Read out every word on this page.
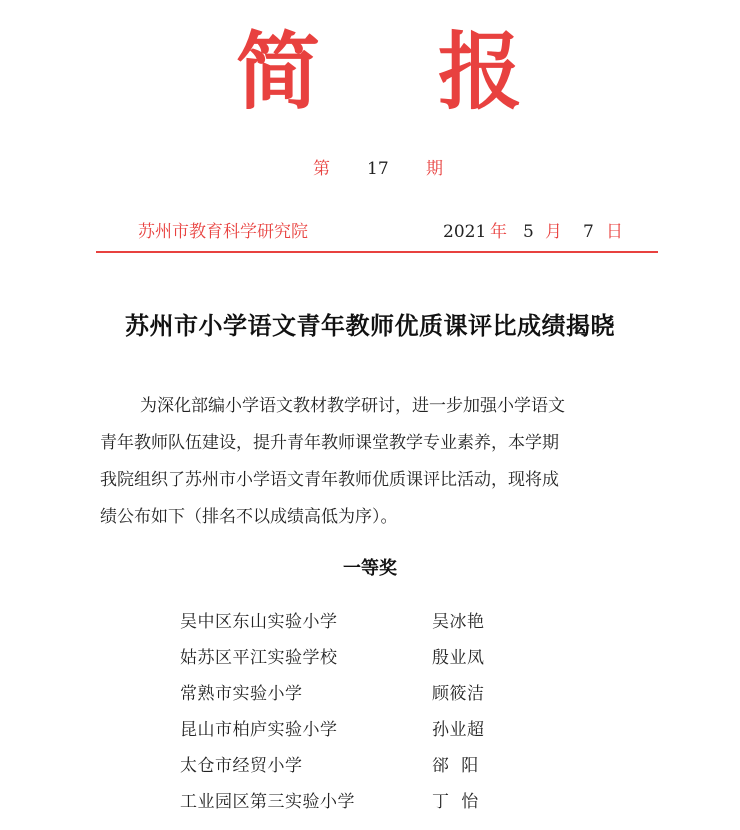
简 报
第 17 期
苏州市教育科学研究院	2021 年 5 月 7 日
苏州市小学语文青年教师优质课评比成绩揭晓
为深化部编小学语文教材教学研讨，进一步加强小学语文
青年教师队伍建设，提升青年教师课堂教学专业素养，本学期
我院组织了苏州市小学语文青年教师优质课评比活动，现将成
绩公布如下（排名不以成绩高低为序）。
一等奖
吴中区东山实验小学	吴冰艳
姑苏区平江实验学校	殷业凤
常熟市实验小学	顾筱洁
昆山市柏庐实验小学	孙业超
太仓市经贸小学	郤  阳
工业园区第三实验小学	丁  怡
